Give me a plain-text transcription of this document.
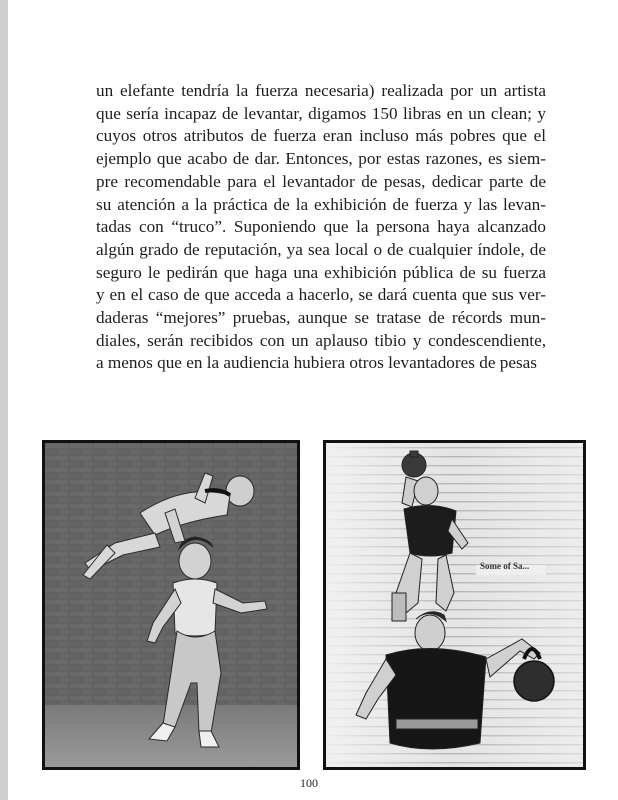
un elefante tendría la fuerza necesaria) realizada por un artista
que sería incapaz de levantar, digamos 150 libras en un clean; y
cuyos otros atributos de fuerza eran incluso más pobres que el
ejemplo que acabo de dar. Entonces, por estas razones, es siem-
pre recomendable para el levantador de pesas, dedicar parte de
su atención a la práctica de la exhibición de fuerza y las levan-
tadas con “truco”. Suponiendo que la persona haya alcanzado
algún grado de reputación, ya sea local o de cualquier índole, de
seguro le pedirán que haga una exhibición pública de su fuerza
y en el caso de que acceda a hacerlo, se dará cuenta que sus ver-
daderas “mejores” pruebas, aunque se tratase de récords mun-
diales, serán recibidos con un aplauso tibio y condescendiente,
a menos que en la audiencia hubiera otros levantadores de pesas

Some of Sa...
100
